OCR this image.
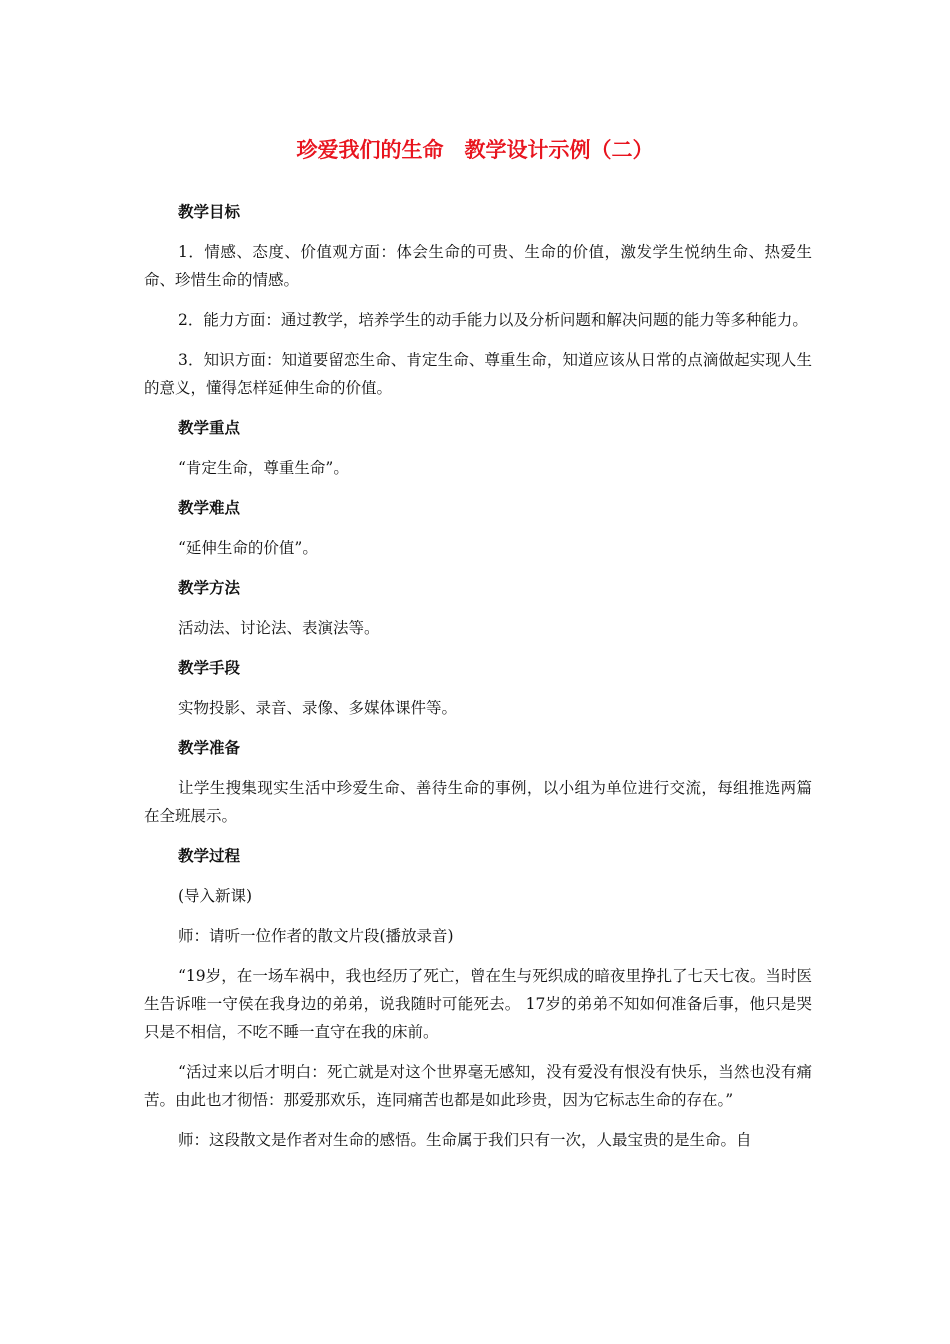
珍爱我们的生命　教学设计示例（二）
教学目标

1．情感、态度、价值观方面：体会生命的可贵、生命的价值，激发学生悦纳生命、热爱生命、珍惜生命的情感。

2．能力方面：通过教学，培养学生的动手能力以及分析问题和解决问题的能力等多种能力。

3．知识方面：知道要留恋生命、肯定生命、尊重生命，知道应该从日常的点滴做起实现人生的意义，懂得怎样延伸生命的价值。

教学重点

“肯定生命，尊重生命”。

教学难点

“延伸生命的价值”。

教学方法

活动法、讨论法、表演法等。

教学手段

实物投影、录音、录像、多媒体课件等。

教学准备

让学生搜集现实生活中珍爱生命、善待生命的事例，以小组为单位进行交流，每组推选两篇在全班展示。

教学过程

(导入新课)

师：请听一位作者的散文片段(播放录音)

“19岁，在一场车祸中，我也经历了死亡，曾在生与死织成的暗夜里挣扎了七天七夜。当时医生告诉唯一守侯在我身边的弟弟，说我随时可能死去。 17岁的弟弟不知如何准备后事，他只是哭只是不相信，不吃不睡一直守在我的床前。

“活过来以后才明白：死亡就是对这个世界毫无感知，没有爱没有恨没有快乐，当然也没有痛苦。由此也才彻悟：那爱那欢乐，连同痛苦也都是如此珍贵，因为它标志生命的存在。”

师：这段散文是作者对生命的感悟。生命属于我们只有一次，人最宝贵的是生命。自
